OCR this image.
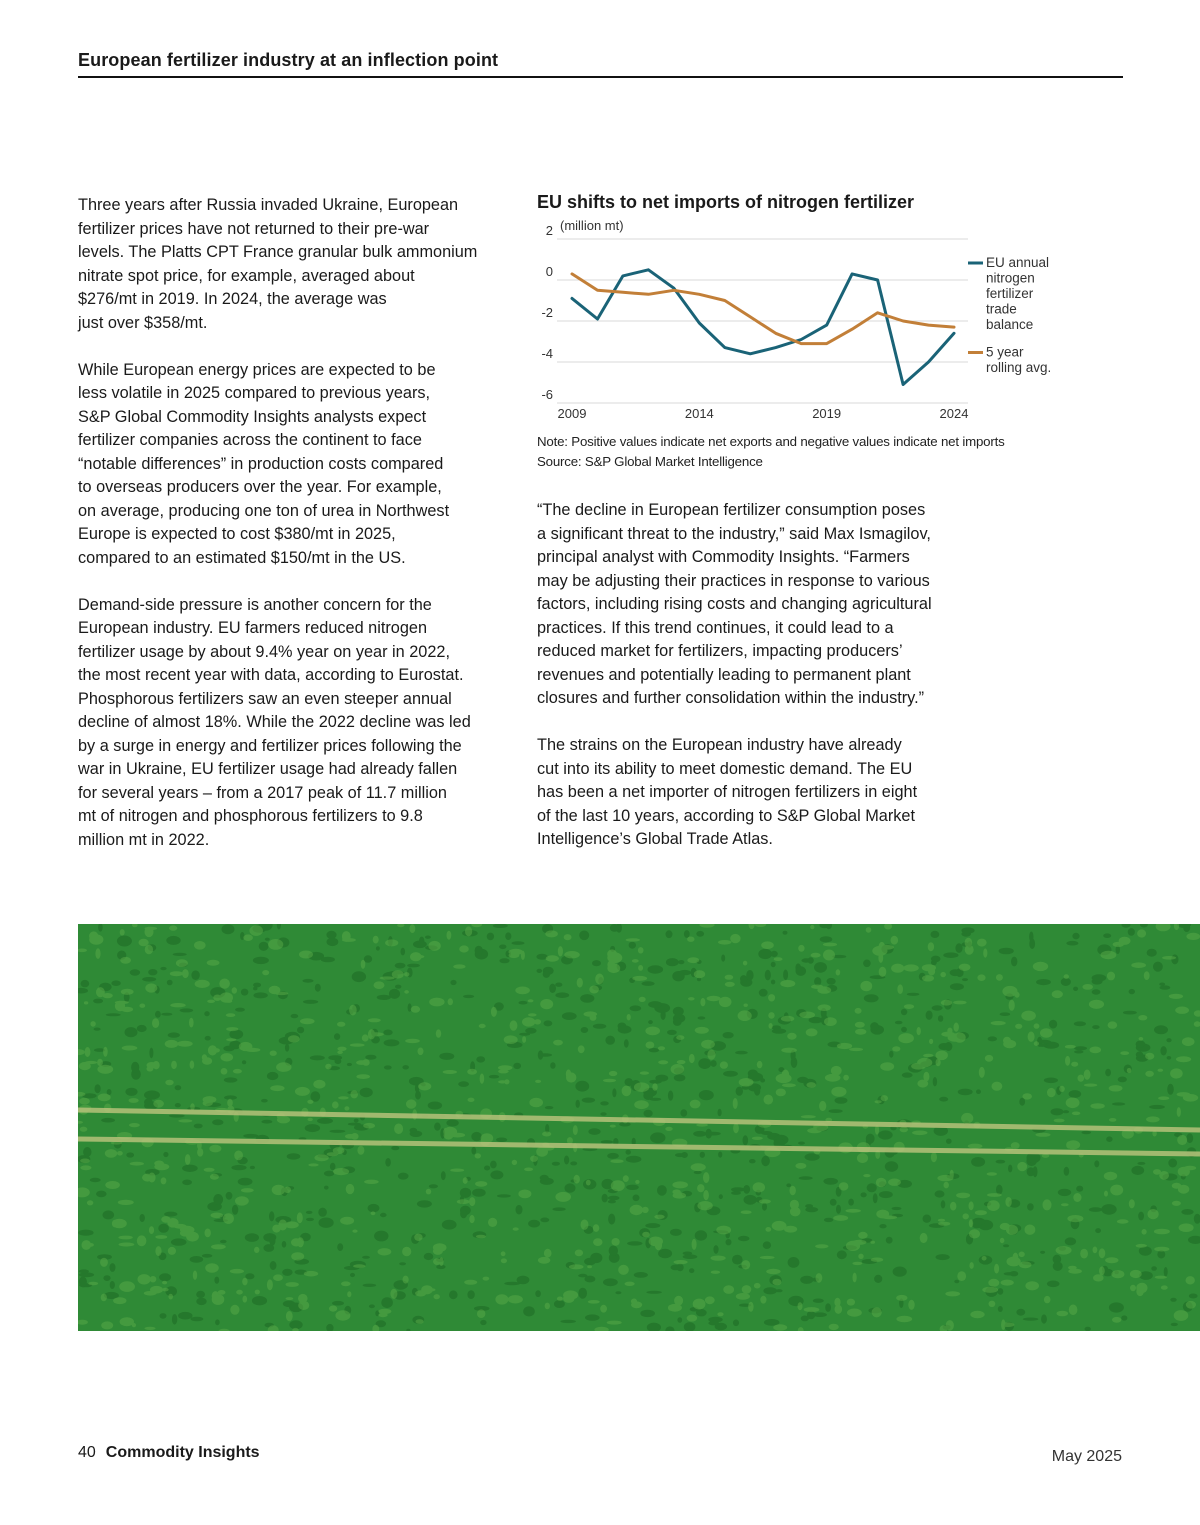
European fertilizer industry at an inflection point

Three years after Russia invaded Ukraine, European
fertilizer prices have not returned to their pre-war
levels. The Platts CPT France granular bulk ammonium
nitrate spot price, for example, averaged about
$276/mt in 2019. In 2024, the average was
just over $358/mt.

While European energy prices are expected to be
less volatile in 2025 compared to previous years,
S&P Global Commodity Insights analysts expect
fertilizer companies across the continent to face
“notable differences” in production costs compared
to overseas producers over the year. For example,
on average, producing one ton of urea in Northwest
Europe is expected to cost $380/mt in 2025,
compared to an estimated $150/mt in the US.

Demand-side pressure is another concern for the
European industry. EU farmers reduced nitrogen
fertilizer usage by about 9.4% year on year in 2022,
the most recent year with data, according to Eurostat.
Phosphorous fertilizers saw an even steeper annual
decline of almost 18%. While the 2022 decline was led
by a surge in energy and fertilizer prices following the
war in Ukraine, EU fertilizer usage had already fallen
for several years – from a 2017 peak of 11.7 million
mt of nitrogen and phosphorous fertilizers to 9.8
million mt in 2022.

EU shifts to net imports of nitrogen fertilizer
(million mt)
2
0
-2
-4
-6
2009	2014	2019	2024
EU annual
nitrogen
fertilizer
trade
balance
5 year
rolling avg.
Note: Positive values indicate net exports and negative values indicate net imports
Source: S&P Global Market Intelligence

“The decline in European fertilizer consumption poses
a significant threat to the industry,” said Max Ismagilov,
principal analyst with Commodity Insights. “Farmers
may be adjusting their practices in response to various
factors, including rising costs and changing agricultural
practices. If this trend continues, it could lead to a
reduced market for fertilizers, impacting producers’
revenues and potentially leading to permanent plant
closures and further consolidation within the industry.”

The strains on the European industry have already
cut into its ability to meet domestic demand. The EU
has been a net importer of nitrogen fertilizers in eight
of the last 10 years, according to S&P Global Market
Intelligence’s Global Trade Atlas.

40 Commodity Insights	May 2025
